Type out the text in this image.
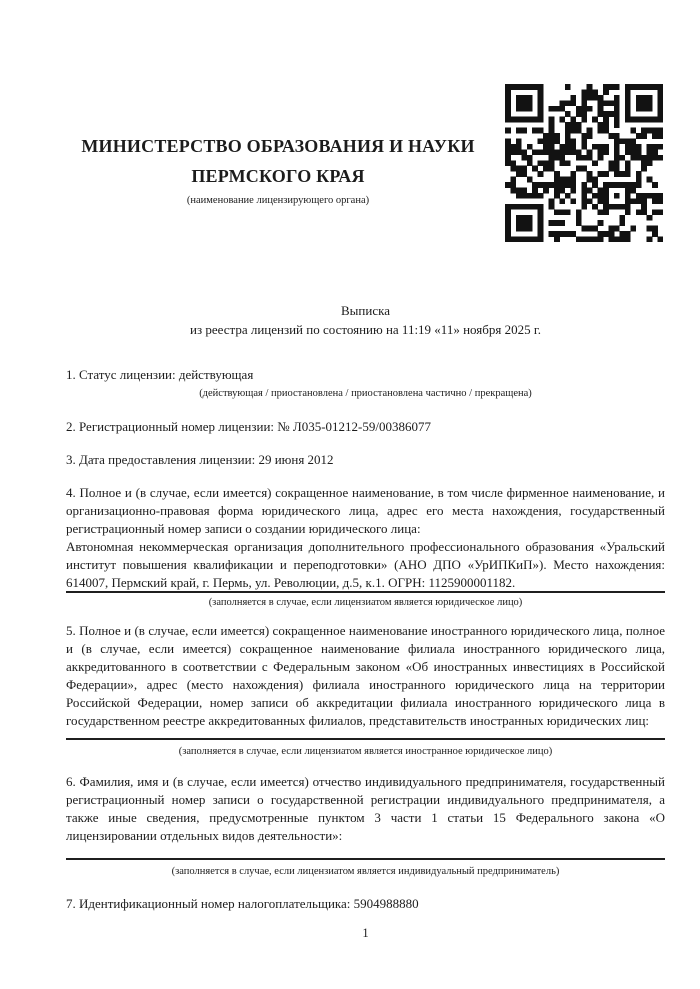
МИНИСТЕРСТВО ОБРАЗОВАНИЯ И НАУКИ
ПЕРМСКОГО КРАЯ
(наименование лицензирующего органа)
Выписка
из реестра лицензий по состоянию на 11:19 «11» ноября 2025 г.
1. Статус лицензии: действующая
(действующая / приостановлена / приостановлена частично / прекращена)
2. Регистрационный номер лицензии: № Л035-01212-59/00386077
3. Дата предоставления лицензии: 29 июня 2012
4. Полное и (в случае, если имеется) сокращенное наименование, в том числе фирменное наименование, и
организационно-правовая форма юридического лица, адрес его места нахождения, государственный
регистрационный номер записи о создании юридического лица:
Автономная некоммерческая организация дополнительного профессионального образования «Уральский
институт повышения квалификации и переподготовки» (АНО ДПО «УрИПКиП»). Место нахождения:
614007, Пермский край, г. Пермь, ул. Революции, д.5, к.1. ОГРН: 1125900001182.
(заполняется в случае, если лицензиатом является юридическое лицо)
5. Полное и (в случае, если имеется) сокращенное наименование иностранного юридического лица, полное
и (в случае, если имеется) сокращенное наименование филиала иностранного юридического лица,
аккредитованного в соответствии с Федеральным законом «Об иностранных инвестициях в Российской
Федерации», адрес (место нахождения) филиала иностранного юридического лица на территории
Российской Федерации, номер записи об аккредитации филиала иностранного юридического лица в
государственном реестре аккредитованных филиалов, представительств иностранных юридических лиц:
(заполняется в случае, если лицензиатом является иностранное юридическое лицо)
6. Фамилия, имя и (в случае, если имеется) отчество индивидуального предпринимателя, государственный
регистрационный номер записи о государственной регистрации индивидуального предпринимателя, а
также иные сведения, предусмотренные пунктом 3 части 1 статьи 15 Федерального закона «О
лицензировании отдельных видов деятельности»:
(заполняется в случае, если лицензиатом является индивидуальный предприниматель)
7. Идентификационный номер налогоплательщика: 5904988880
1
